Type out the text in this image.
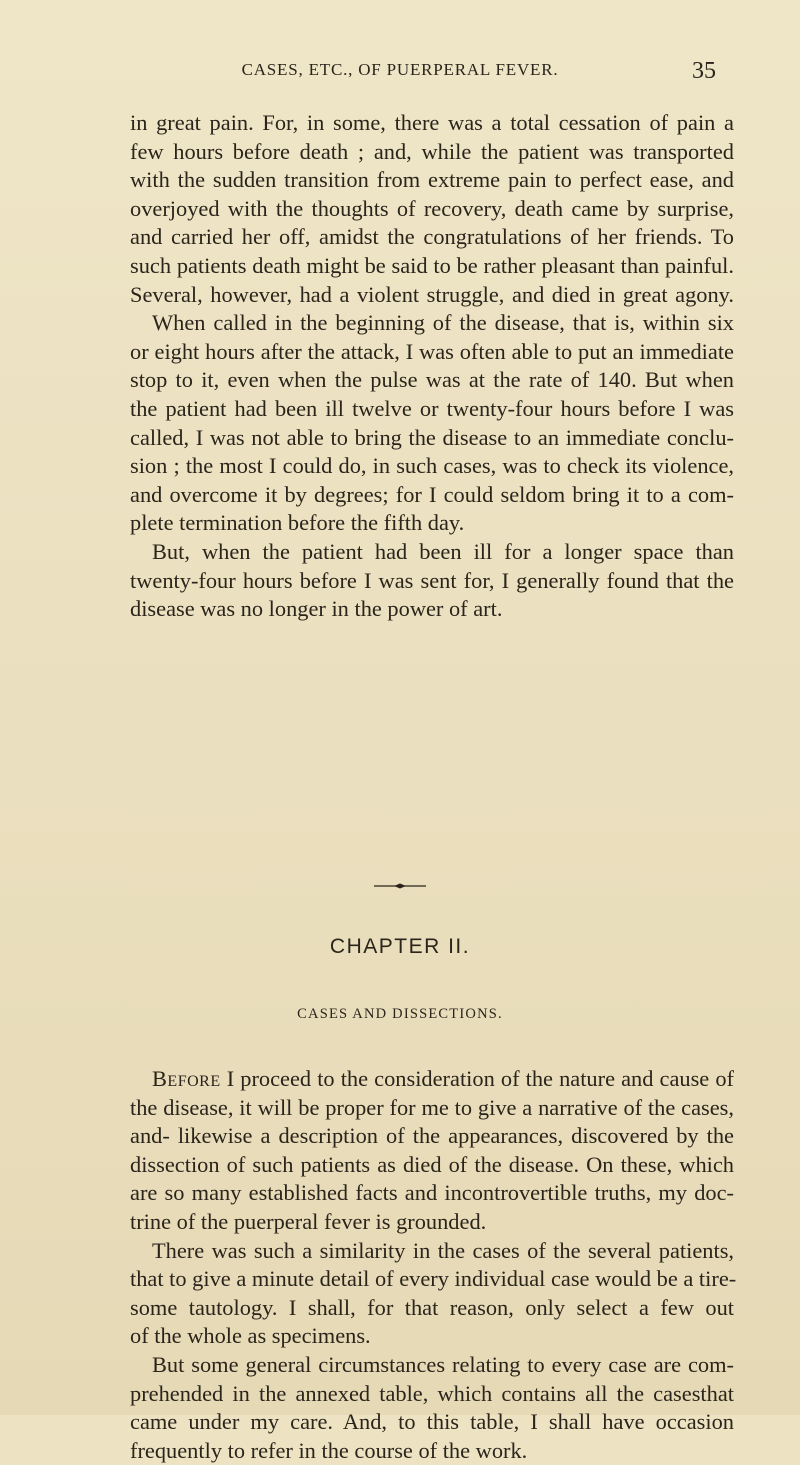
CASES, ETC., OF PUERPERAL FEVER.	35
in great pain. For, in some, there was a total cessation of pain a
few hours before death ; and, while the patient was transported
with the sudden transition from extreme pain to perfect ease, and
overjoyed with the thoughts of recovery, death came by surprise,
and carried her off, amidst the congratulations of her friends. To
such patients death might be said to be rather pleasant than painful.
Several, however, had a violent struggle, and died in great agony.
When called in the beginning of the disease, that is, within six
or eight hours after the attack, I was often able to put an immediate
stop to it, even when the pulse was at the rate of 140. But when
the patient had been ill twelve or twenty-four hours before I was
called, I was not able to bring the disease to an immediate conclu-
sion ; the most I could do, in such cases, was to check its violence,
and overcome it by degrees; for I could seldom bring it to a com-
plete termination before the fifth day.
But, when the patient had been ill for a longer space than
twenty-four hours before I was sent for, I generally found that the
disease was no longer in the power of art.
CHAPTER II.
CASES AND DISSECTIONS.
Before I proceed to the consideration of the nature and cause of
the disease, it will be proper for me to give a narrative of the cases,
and- likewise a description of the appearances, discovered by the
dissection of such patients as died of the disease. On these, which
are so many established facts and incontrovertible truths, my doc-
trine of the puerperal fever is grounded.
There was such a similarity in the cases of the several patients,
that to give a minute detail of every individual case would be a tire-
some tautology. I shall, for that reason, only select a few out
of the whole as specimens.
But some general circumstances relating to every case are com-
prehended in the annexed table, which contains all the casesthat
came under my care. And, to this table, I shall have occasion
frequently to refer in the course of the work.
